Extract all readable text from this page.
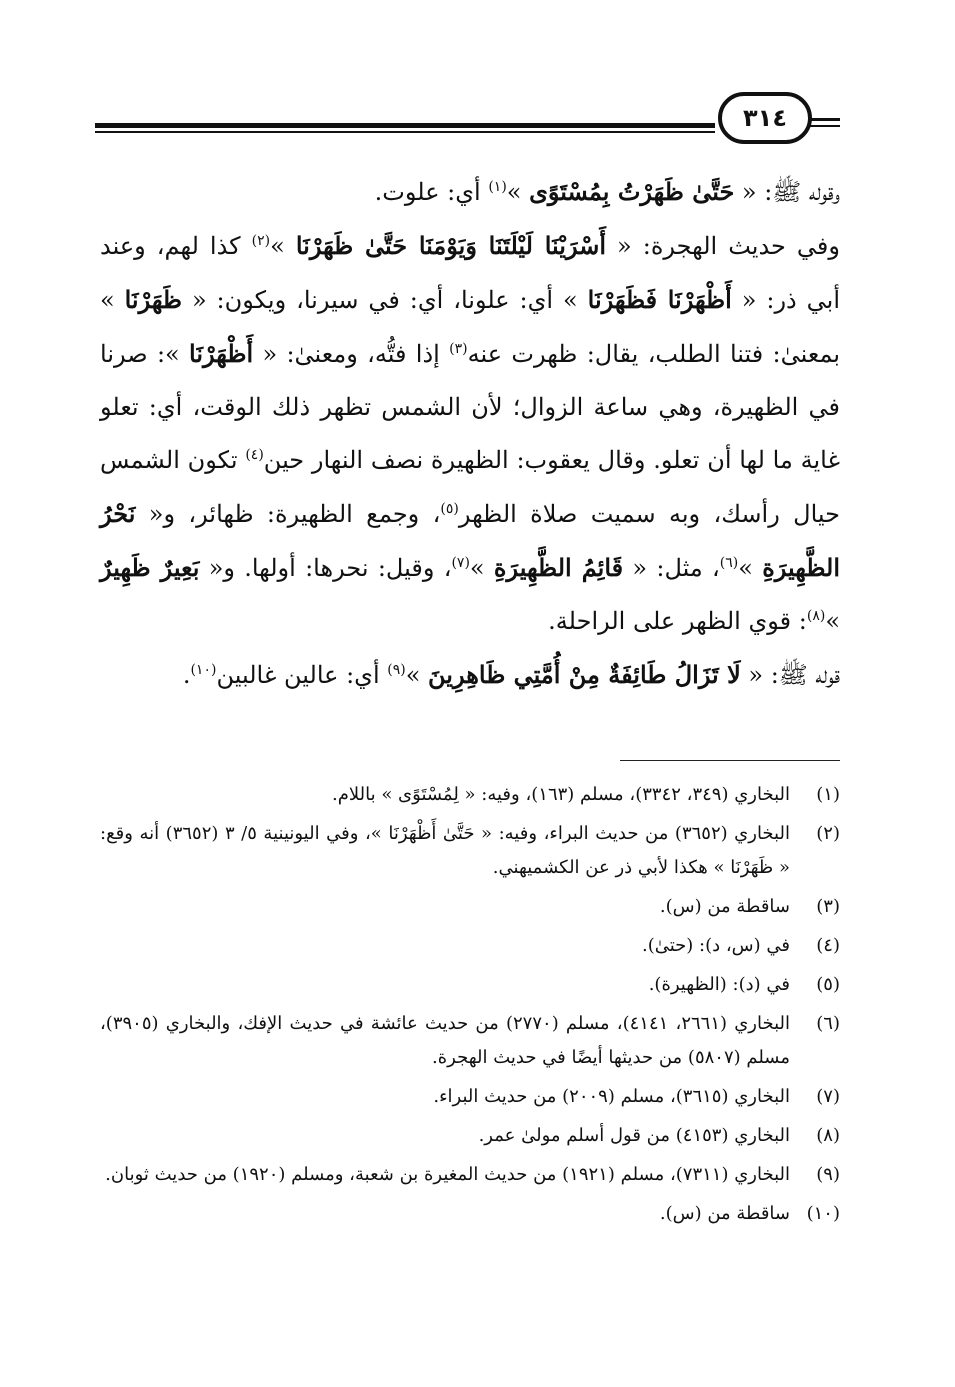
٣١٤

وقوله ﷺ: « حَتَّىٰ ظَهَرْتُ بِمُسْتَوًى »$^{(١)}$ أي: علوت.

وفي حديث الهجرة: « أَسْرَيْنَا لَيْلَتَنَا وَيَوْمَنَا حَتَّىٰ ظَهَرْنَا »$^{(٢)}$ كذا لهم، وعند أبي ذر: « أَظْهَرْنَا فَظَهَرْنَا » أي: علونا، أي: في سيرنا، ويكون: « ظَهَرْنَا » بمعنىٰ: فتنا الطلب، يقال: ظهرت عنه$^{(٣)}$ إذا فتُّه، ومعنىٰ: « أَظْهَرْنَا »: صرنا في الظهيرة، وهي ساعة الزوال؛ لأن الشمس تظهر ذلك الوقت، أي: تعلو غاية ما لها أن تعلو. وقال يعقوب: الظهيرة نصف النهار حين$^{(٤)}$ تكون الشمس حيال رأسك، وبه سميت صلاة الظهر$^{(٥)}$، وجمع الظهيرة: ظهائر، و« نَحْرُ الظَّهِيرَةِ »$^{(٦)}$، مثل: « قَائِمُ الظَّهِيرَةِ »$^{(٧)}$، وقيل: نحرها: أولها. و« بَعِيرٌ ظَهِيرٌ »$^{(٨)}$: قوي الظهر على الراحلة.

قوله ﷺ: « لَا تَزَالُ طَائِفَةٌ مِنْ أُمَّتِي ظَاهِرِينَ »$^{(٩)}$ أي: عالين غالبين$^{(١٠)}$.

(١)
البخاري (٣٤٩، ٣٣٤٢)، مسلم (١٦٣)، وفيه: « لِمُسْتَوًى » باللام.
(٢)
البخاري (٣٦٥٢) من حديث البراء، وفيه: « حَتَّىٰ أَظْهَرْنَا »، وفي اليونينية ٥/ ٣ (٣٦٥٢) أنه وقع: « ظَهَرْنَا » هكذا لأبي ذر عن الكشميهني.
(٣)
ساقطة من (س).
(٤)
في (س، د): (حتىٰ).
(٥)
في (د): (الظهيرة).
(٦)
البخاري (٢٦٦١، ٤١٤١)، مسلم (٢٧٧٠) من حديث عائشة في حديث الإفك، والبخاري (٣٩٠٥)، مسلم (٥٨٠٧) من حديثها أيضًا في حديث الهجرة.
(٧)
البخاري (٣٦١٥)، مسلم (٢٠٠٩) من حديث البراء.
(٨)
البخاري (٤١٥٣) من قول أسلم مولىٰ عمر.
(٩)
البخاري (٧٣١١)، مسلم (١٩٢١) من حديث المغيرة بن شعبة، ومسلم (١٩٢٠) من حديث ثوبان.
(١٠)
ساقطة من (س).
